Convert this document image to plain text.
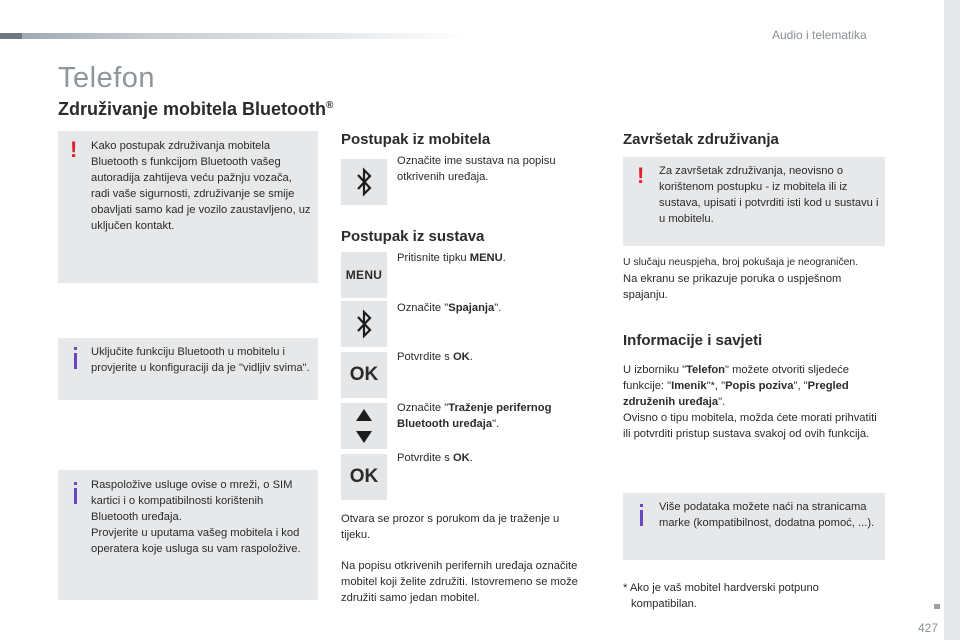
Audio i telematika
Telefon
Združivanje mobitela Bluetooth®
! Kako postupak združivanja mobitela Bluetooth s funkcijom Bluetooth vašeg autoradija zahtijeva veću pažnju vozača, radi vaše sigurnosti, združivanje se smije obavljati samo kad je vozilo zaustavljeno, uz uključen kontakt.

Uključite funkciju Bluetooth u mobitelu i provjerite u konfiguraciji da je "vidljiv svima".

Raspoložive usluge ovise o mreži, o SIM kartici i o kompatibilnosti korištenih Bluetooth uređaja.

Provjerite u uputama vašeg mobitela i kod operatera koje usluga su vam raspoložive.

Postupak iz mobitela
Označite ime sustava na popisu otkrivenih uređaja.
Postupak iz sustava
MENU
Pritisnite tipku MENU.
Označite "Spajanja".
OK
Potvrdite s OK.
Označite "Traženje perifernog Bluetooth uređaja".
OK
Potvrdite s OK.
Otvara se prozor s porukom da je traženje u tijeku.
Na popisu otkrivenih perifernih uređaja označite mobitel koji želite združiti. Istovremeno se može združiti samo jedan mobitel.
Završetak združivanja
! Za završetak združivanja, neovisno o korištenom postupku - iz mobitela ili iz sustava, upisati i potvrditi isti kod u sustavu i u mobitelu.

U slučaju neuspjeha, broj pokušaja je neograničen.
Na ekranu se prikazuje poruka o uspješnom spajanju.
Informacije i savjeti
U izborniku "Telefon" možete otvoriti sljedeće funkcije: "Imenik"*, "Popis poziva", "Pregled združenih uređaja".
Ovisno o tipu mobitela, možda ćete morati prihvatiti ili potvrditi pristup sustava svakoj od ovih funkcija.

Više podataka možete naći na stranicama marke (kompatibilnost, dodatna pomoć, ...).

* Ako je vaš mobitel hardverski potpuno kompatibilan.
427
